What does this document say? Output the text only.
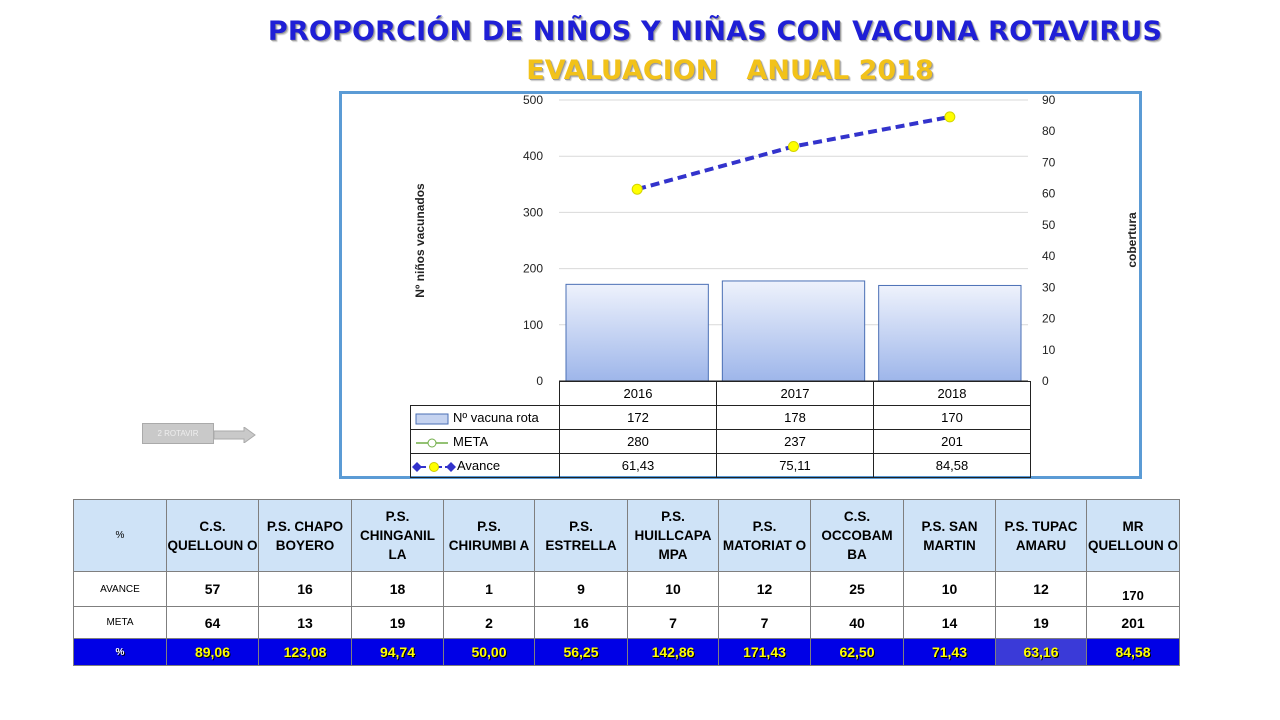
PROPORCIÓN DE NIÑOS Y NIÑAS CON VACUNA ROTAVIRUS
EVALUACION   ANUAL 2018
0
100
200
300
400
500
0
10
20
30
40
50
60
70
80
90
Nº niños vacunados	cobertura
	2016	2017	2018
Nº vacuna rota	172	178	170
META	280	237	201
Avance	61,43	75,11	84,58
2 ROTAVIR
%	C.S. QUELLOUN O	P.S. CHAPO BOYERO	P.S. CHINGANIL LA	P.S. CHIRUMBI A	P.S. ESTRELLA	P.S. HUILLCAPA MPA	P.S. MATORIAT O	C.S. OCCOBAM BA	P.S. SAN MARTIN	P.S. TUPAC AMARU	MR QUELLOUN O
AVANCE	57	16	18	1	9	10	12	25	10	12	170
META	64	13	19	2	16	7	7	40	14	19	201
%	89,06	123,08	94,74	50,00	56,25	142,86	171,43	62,50	71,43	63,16	84,58
